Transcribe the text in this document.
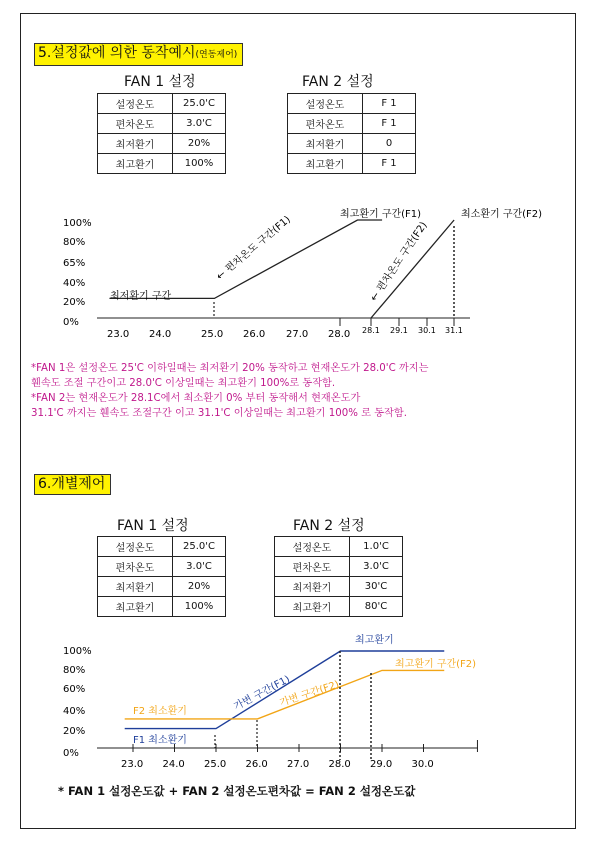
5.설정값에 의한 동작예시(연동제어)
FAN 1 설정	FAN 2 설정
설정온도	25.0'C
편차온도	3.0'C
최저환기	20%
최고환기	100%
설정온도	F 1
편차온도	F 1
최저환기	0
최고환기	F 1
100%
80%
65%
40%
20%
0%
23.0 24.0	25.0 26.0 27.0 28.0 28.1 29.1 30.1 31.1
최저환기 구간
최고환기 구간(F1)	최소환기 구간(F2)
←
편차온도 구간(F1)
←
편차온도 구간(F2)
*FAN 1은 설정온도 25'C 이하일때는 최저환기 20% 동작하고 현재온도가 28.0'C 까지는
휀속도 조절 구간이고 28.0'C 이상일때는 최고환기 100%로 동작함.
*FAN 2는 현재온도가 28.1C에서 최소환기 0% 부터 동작해서 현재온도가
31.1'C 까지는 휀속도 조절구간 이고 31.1'C 이상일때는 최고환기 100% 로 동작함.
6.개별제어
FAN 1 설정	FAN 2 설정
설정온도	25.0'C
편차온도	3.0'C
최저환기	20%
최고환기	100%
설정온도	1.0'C
편차온도	3.0'C
최저환기	30'C
최고환기	80'C
100%
80%
60%
40%
20%
0%
23.0 24.0 25.0 26.0 27.0 28.0 29.0 30.0
최고환기
최고환기 구간(F2)
F2 최소환기
F1 최소환기
가변 구간(F1)
가변 구간(F2)
* FAN 1 설정온도값 + FAN 2 설정온도편차값 = FAN 2 설정온도값
